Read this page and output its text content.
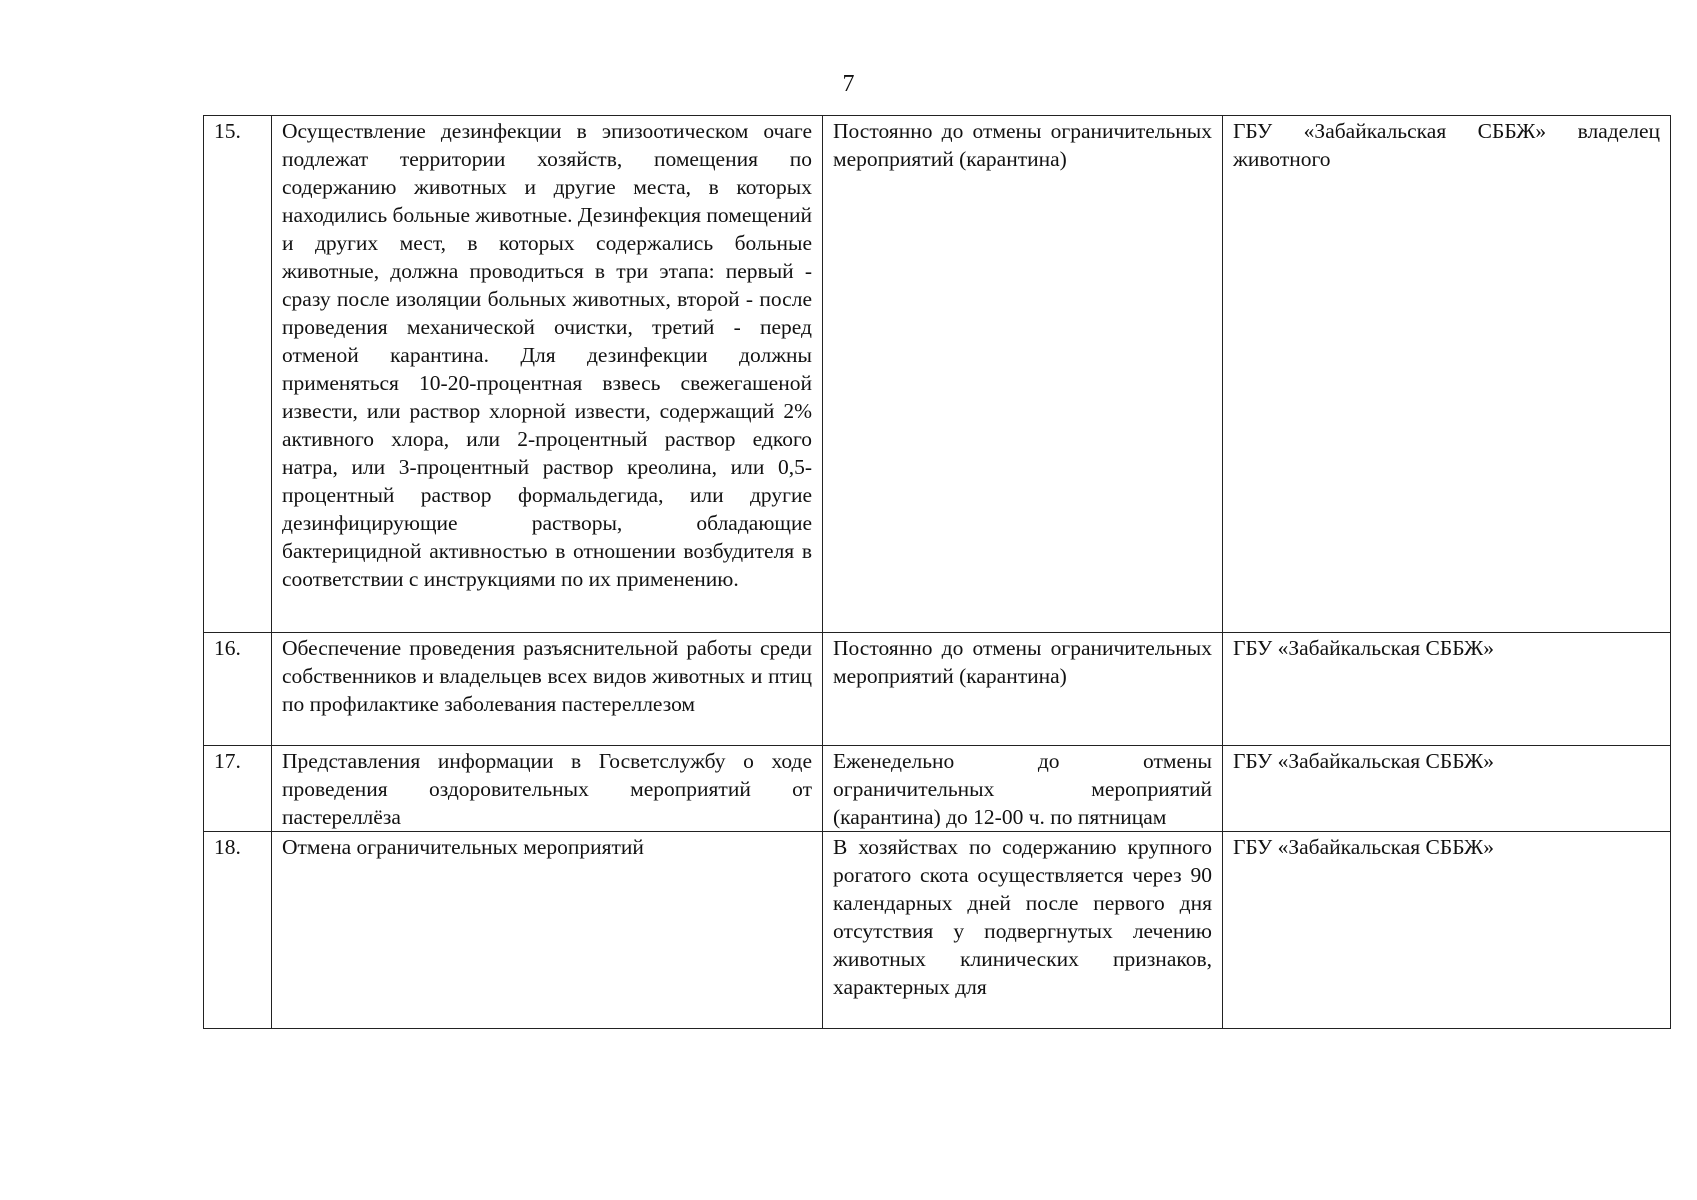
7
15.	Осуществление дезинфекции в эпизоотическом очаге подлежат территории хозяйств, помещения по содержанию животных и другие места, в которых находились больные животные. Дезинфекция помещений и других мест, в которых содержались больные животные, должна проводиться в три этапа: первый - сразу после изоляции больных животных, второй - после проведения механической очистки, третий - перед отменой карантина. Для дезинфекции должны применяться 10-20-процентная взвесь свежегашеной извести, или раствор хлорной извести, содержащий 2% активного хлора, или 2-процентный раствор едкого натра, или 3-процентный раствор креолина, или 0,5-процентный раствор формальдегида, или другие дезинфицирующие растворы, обладающие бактерицидной активностью в отношении возбудителя в соответствии с инструкциями по их применению.	Постоянно до отмены ограничительных мероприятий (карантина)	ГБУ «Забайкальская СББЖ» владелец животного
16.	Обеспечение проведения разъяснительной работы среди собственников и владельцев всех видов животных и птиц по профилактике заболевания пастереллезом	Постоянно до отмены ограничительных мероприятий (карантина)	ГБУ «Забайкальская СББЖ»
17.	Представления информации в Госветслужбу о ходе проведения оздоровительных мероприятий от пастереллёза	Еженедельно до отмены ограничительных мероприятий (карантина) до 12-00 ч. по пятницам	ГБУ «Забайкальская СББЖ»
18.	Отмена ограничительных мероприятий	В хозяйствах по содержанию крупного рогатого скота осуществляется через 90 календарных дней после первого дня отсутствия у подвергнутых лечению животных клинических признаков, характерных для	ГБУ «Забайкальская СББЖ»
